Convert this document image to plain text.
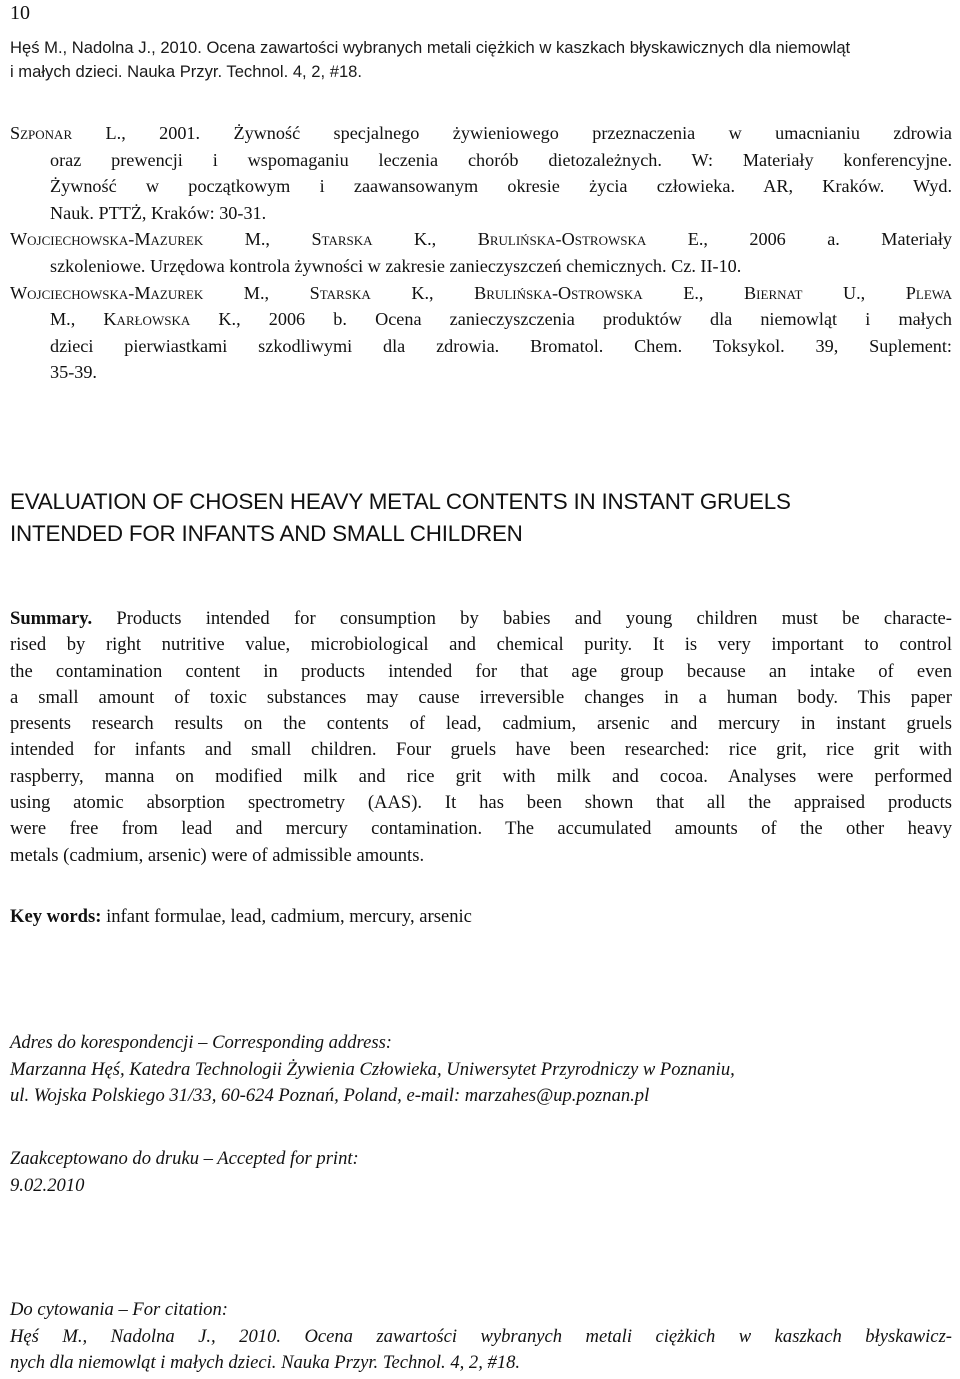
10
Hęś M., Nadolna J., 2010. Ocena zawartości wybranych metali ciężkich w kaszkach błyskawicznych dla niemowląt
i małych dzieci. Nauka Przyr. Technol. 4, 2, #18.
Szponar L., 2001. Żywność specjalnego żywieniowego przeznaczenia w umacnianiu zdrowia
oraz prewencji i wspomaganiu leczenia chorób dietozależnych. W: Materiały konferencyjne.
Żywność w początkowym i zaawansowanym okresie życia człowieka. AR, Kraków. Wyd.
Nauk. PTTŻ, Kraków: 30-31.
Wojciechowska-Mazurek M., Starska K., Brulińska-Ostrowska E., 2006 a. Materiały
szkoleniowe. Urzędowa kontrola żywności w zakresie zanieczyszczeń chemicznych. Cz. II-10.
Wojciechowska-Mazurek M., Starska K., Brulińska-Ostrowska E., Biernat U., Plewa
M., Karłowska K., 2006 b. Ocena zanieczyszczenia produktów dla niemowląt i małych
dzieci pierwiastkami szkodliwymi dla zdrowia. Bromatol. Chem. Toksykol. 39, Suplement:
35-39.
EVALUATION OF CHOSEN HEAVY METAL CONTENTS IN INSTANT GRUELS
INTENDED FOR INFANTS AND SMALL CHILDREN
Summary. Products intended for consumption by babies and young children must be characte-
rised by right nutritive value, microbiological and chemical purity. It is very important to control
the contamination content in products intended for that age group because an intake of even
a small amount of toxic substances may cause irreversible changes in a human body. This paper
presents research results on the contents of lead, cadmium, arsenic and mercury in instant gruels
intended for infants and small children. Four gruels have been researched: rice grit, rice grit with
raspberry, manna on modified milk and rice grit with milk and cocoa. Analyses were performed
using atomic absorption spectrometry (AAS). It has been shown that all the appraised products
were free from lead and mercury contamination. The accumulated amounts of the other heavy
metals (cadmium, arsenic) were of admissible amounts.
Key words: infant formulae, lead, cadmium, mercury, arsenic
Adres do korespondencji – Corresponding address:
Marzanna Hęś, Katedra Technologii Żywienia Człowieka, Uniwersytet Przyrodniczy w Poznaniu,
ul. Wojska Polskiego 31/33, 60-624 Poznań, Poland, e-mail: marzahes@up.poznan.pl
Zaakceptowano do druku – Accepted for print:
9.02.2010
Do cytowania – For citation:
Hęś M., Nadolna J., 2010. Ocena zawartości wybranych metali ciężkich w kaszkach błyskawicz-
nych dla niemowląt i małych dzieci. Nauka Przyr. Technol. 4, 2, #18.
